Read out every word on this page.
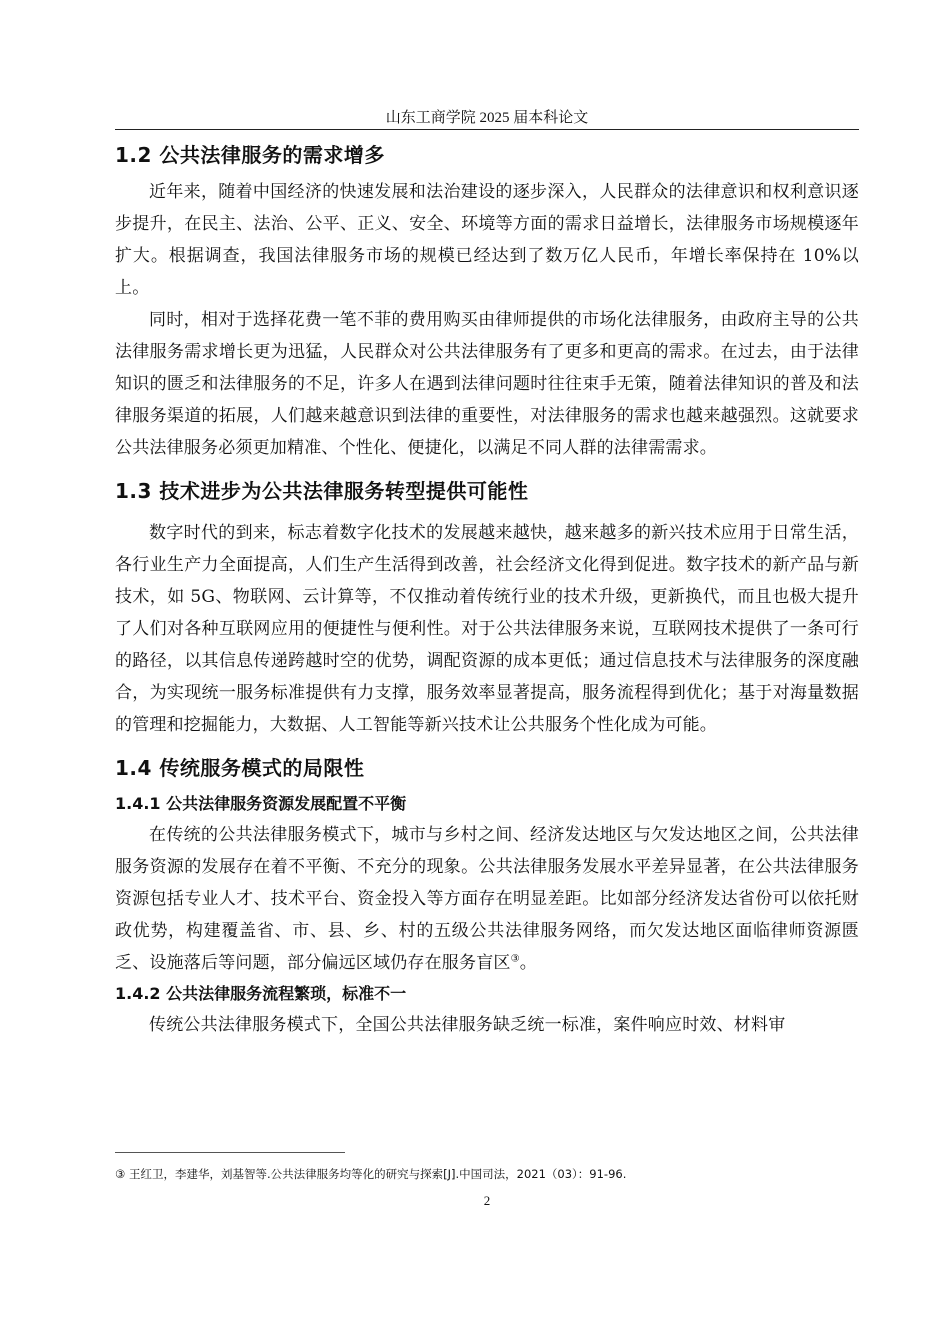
山东工商学院 2025 届本科论文
1.2 公共法律服务的需求增多

近年来，随着中国经济的快速发展和法治建设的逐步深入，人民群众的法律意识和权利意识逐步提升，在民主、法治、公平、正义、安全、环境等方面的需求日益增长，法律服务市场规模逐年扩大。根据调查，我国法律服务市场的规模已经达到了数万亿人民币，年增长率保持在 10%以上。

同时，相对于选择花费一笔不菲的费用购买由律师提供的市场化法律服务，由政府主导的公共法律服务需求增长更为迅猛，人民群众对公共法律服务有了更多和更高的需求。在过去，由于法律知识的匮乏和法律服务的不足，许多人在遇到法律问题时往往束手无策，随着法律知识的普及和法律服务渠道的拓展，人们越来越意识到法律的重要性，对法律服务的需求也越来越强烈。这就要求公共法律服务必须更加精准、个性化、便捷化，以满足不同人群的法律需需求。

1.3 技术进步为公共法律服务转型提供可能性

数字时代的到来，标志着数字化技术的发展越来越快，越来越多的新兴技术应用于日常生活，各行业生产力全面提高，人们生产生活得到改善，社会经济文化得到促进。数字技术的新产品与新技术，如 5G、物联网、云计算等，不仅推动着传统行业的技术升级，更新换代，而且也极大提升了人们对各种互联网应用的便捷性与便利性。对于公共法律服务来说，互联网技术提供了一条可行的路径，以其信息传递跨越时空的优势，调配资源的成本更低；通过信息技术与法律服务的深度融合，为实现统一服务标准提供有力支撑，服务效率显著提高，服务流程得到优化；基于对海量数据的管理和挖掘能力，大数据、人工智能等新兴技术让公共服务个性化成为可能。

1.4 传统服务模式的局限性
1.4.1 公共法律服务资源发展配置不平衡

在传统的公共法律服务模式下，城市与乡村之间、经济发达地区与欠发达地区之间，公共法律服务资源的发展存在着不平衡、不充分的现象。公共法律服务发展水平差异显著，在公共法律服务资源包括专业人才、技术平台、资金投入等方面存在明显差距。比如部分经济发达省份可以依托财政优势，构建覆盖省、市、县、乡、村的五级公共法律服务网络，而欠发达地区面临律师资源匮乏、设施落后等问题，部分偏远区域仍存在服务盲区③。

1.4.2 公共法律服务流程繁琐，标准不一

传统公共法律服务模式下，全国公共法律服务缺乏统一标准，案件响应时效、材料审

③ 王红卫，李建华，刘基智等.公共法律服务均等化的研究与探索[J].中国司法，2021（03）：91-96.
2
